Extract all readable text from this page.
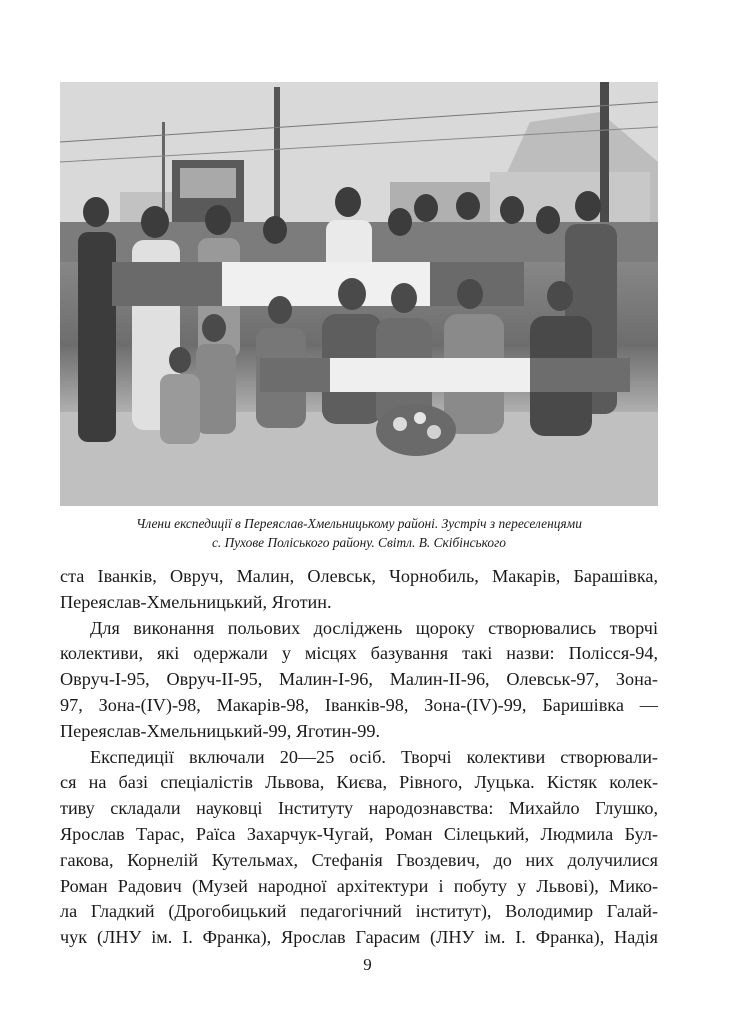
Члени експедиції в Переяслав-Хмельницькому районі. Зустріч з переселенцями
с. Пухове Поліського району. Світл. В. Скібінського

ста Іванків, Овруч, Малин, Олевськ, Чорнобиль, Макарів, Барашівка,
Переяслав-Хмельницький, Яготин.

Для виконання польових досліджень щороку створювались творчі
колективи, які одержали у місцях базування такі назви: Полісся-94,
Овруч-І-95, Овруч-ІІ-95, Малин-І-96, Малин-ІІ-96, Олевськ-97, Зона-
97, Зона-(IV)-98, Макарів-98, Іванків-98, Зона-(IV)-99, Баришівка —
Переяслав-Хмельницький-99, Яготин-99.

Експедиції включали 20—25 осіб. Творчі колективи створювали-
ся на базі спеціалістів Львова, Києва, Рівного, Луцька. Кістяк колек-
тиву складали науковці Інституту народознавства: Михайло Глушко,
Ярослав Тарас, Раїса Захарчук-Чугай, Роман Сілецький, Людмила Бул-
гакова, Корнелій Кутельмах, Стефанія Гвоздевич, до них долучилися
Роман Радович (Музей народної архітектури і побуту у Львові), Мико-
ла Гладкий (Дрогобицький педагогічний інститут), Володимир Галай-
чук (ЛНУ ім. І. Франка), Ярослав Гарасим (ЛНУ ім. І. Франка), Надія

9
